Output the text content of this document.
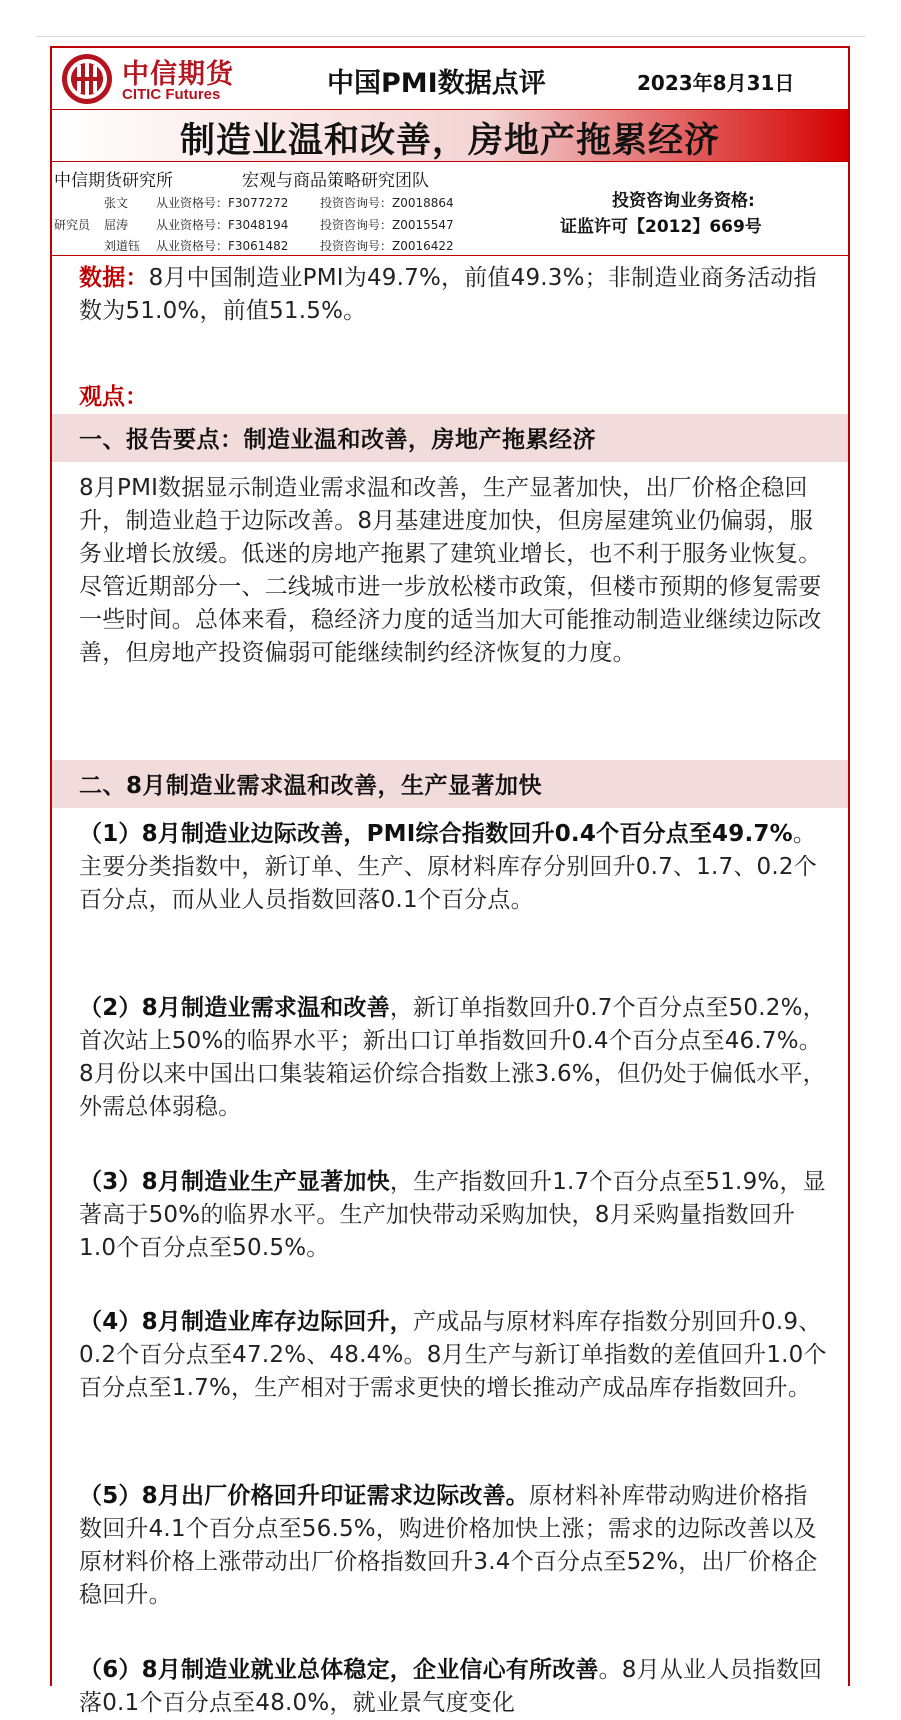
中信期货
CITIC Futures	中国PMI数据点评	2023年8月31日
制造业温和改善，房地产拖累经济
中信期货研究所	宏观与商品策略研究团队
研究员
张文 从业资格号：F3077272	投资咨询号：Z0018864
屈涛 从业资格号：F3048194	投资咨询号：Z0015547
刘道钰 从业资格号：F3061482	投资咨询号：Z0016422
投资咨询业务资格:
证监许可【2012】669号
数据：8月中国制造业PMI为49.7%，前值49.3%；非制造业商务活动指数为51.0%，前值51.5%。
观点：
一、报告要点：制造业温和改善，房地产拖累经济
8月PMI数据显示制造业需求温和改善，生产显著加快，出厂价格企稳回升，制造业趋于边际改善。8月基建进度加快，但房屋建筑业仍偏弱，服务业增长放缓。低迷的房地产拖累了建筑业增长，也不利于服务业恢复。尽管近期部分一、二线城市进一步放松楼市政策，但楼市预期的修复需要一些时间。总体来看，稳经济力度的适当加大可能推动制造业继续边际改善，但房地产投资偏弱可能继续制约经济恢复的力度。
二、8月制造业需求温和改善，生产显著加快
（1）8月制造业边际改善，PMI综合指数回升0.4个百分点至49.7%。主要分类指数中，新订单、生产、原材料库存分别回升0.7、1.7、0.2个百分点，而从业人员指数回落0.1个百分点。
（2）8月制造业需求温和改善，新订单指数回升0.7个百分点至50.2%，首次站上50%的临界水平；新出口订单指数回升0.4个百分点至46.7%。8月份以来中国出口集装箱运价综合指数上涨3.6%，但仍处于偏低水平，外需总体弱稳。
（3）8月制造业生产显著加快，生产指数回升1.7个百分点至51.9%，显著高于50%的临界水平。生产加快带动采购加快，8月采购量指数回升1.0个百分点至50.5%。
（4）8月制造业库存边际回升，产成品与原材料库存指数分别回升0.9、0.2个百分点至47.2%、48.4%。8月生产与新订单指数的差值回升1.0个百分点至1.7%，生产相对于需求更快的增长推动产成品库存指数回升。
（5）8月出厂价格回升印证需求边际改善。原材料补库带动购进价格指数回升4.1个百分点至56.5%，购进价格加快上涨；需求的边际改善以及原材料价格上涨带动出厂价格指数回升3.4个百分点至52%，出厂价格企稳回升。
（6）8月制造业就业总体稳定，企业信心有所改善。8月从业人员指数回落0.1个百分点至48.0%，就业景气度变化
